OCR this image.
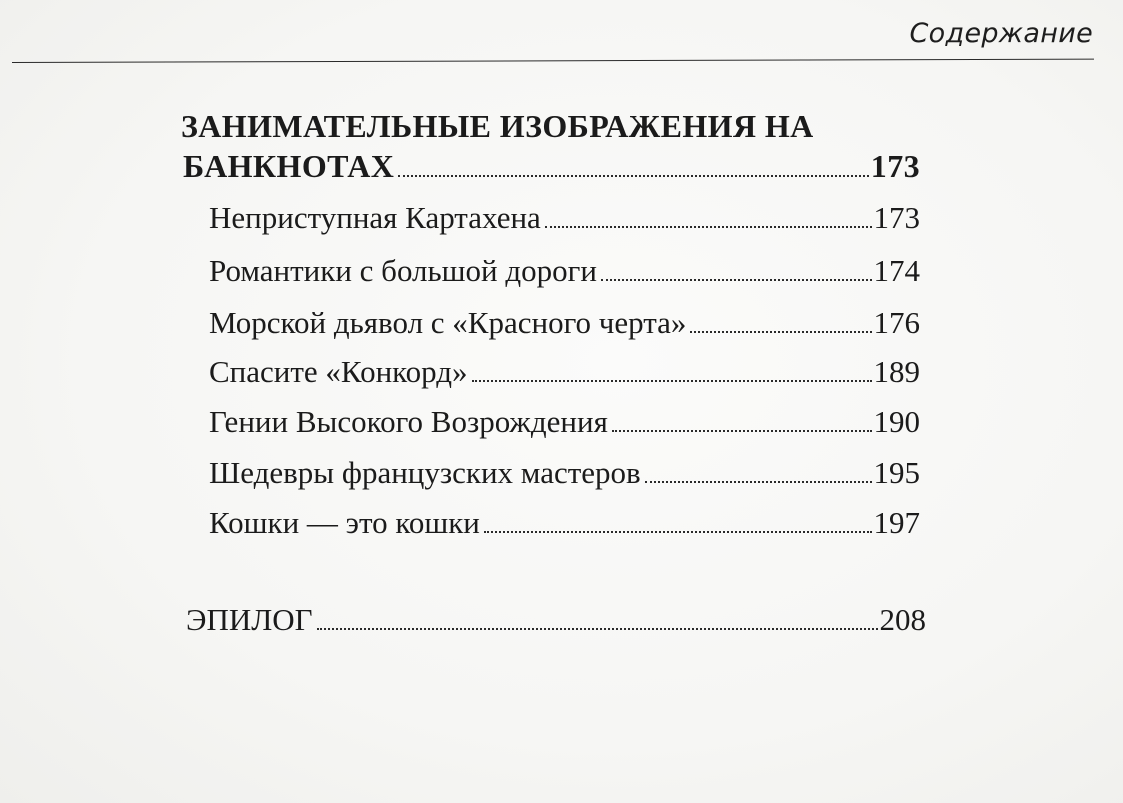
Содержание
ЗАНИМАТЕЛЬНЫЕ ИЗОБРАЖЕНИЯ НА
БАНКНОТАХ	173
Неприступная Картахена	173
Романтики с большой дороги	174
Морской дьявол с «Красного черта»	176
Спасите «Конкорд»	189
Гении Высокого Возрождения	190
Шедевры французских мастеров	195
Кошки — это кошки	197
ЭПИЛОГ	208
